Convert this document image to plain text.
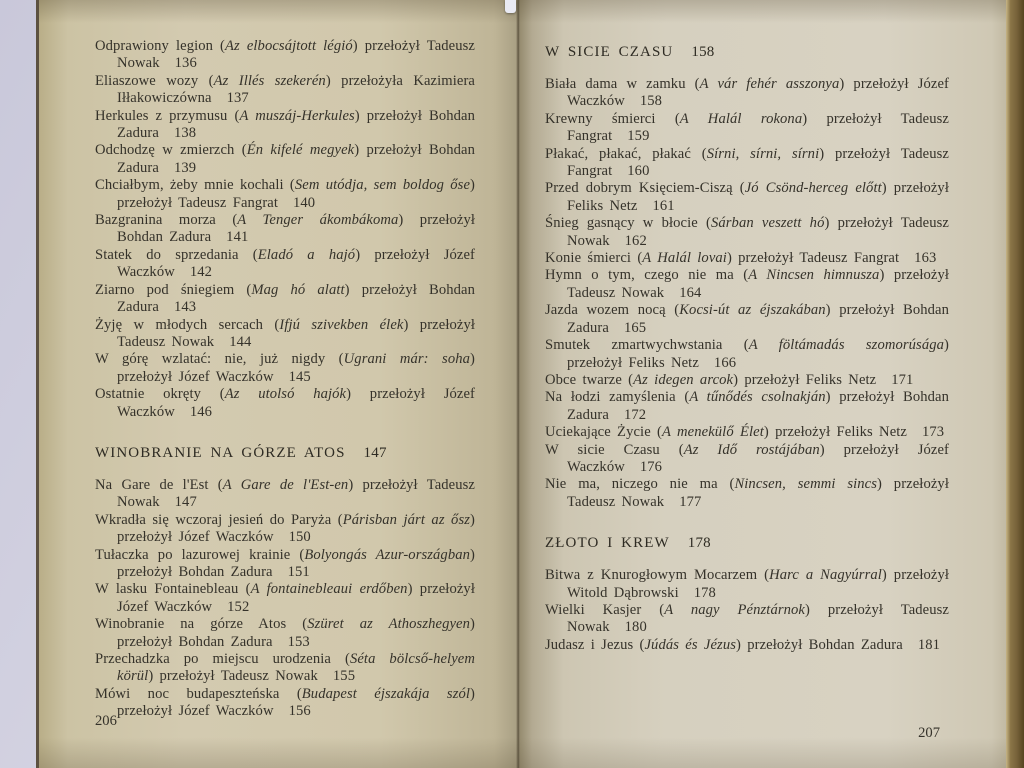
Odprawiony legion (Az elbocsájtott légió) przełożył Tadeusz Nowak 136

Eliaszowe wozy (Az Illés szekerén) przełożyła Kazimiera Iłłakowiczówna 137

Herkules z przymusu (A muszáj-Herkules) przełożył Bohdan Zadura 138

Odchodzę w zmierzch (Én kifelé megyek) przełożył Bohdan Zadura 139

Chciałbym, żeby mnie kochali (Sem utódja, sem boldog őse) przełożył Tadeusz Fangrat 140

Bazgranina morza (A Tenger ákombákoma) przełożył Bohdan Zadura 141

Statek do sprzedania (Eladó a hajó) przełożył Józef Waczków 142

Ziarno pod śniegiem (Mag hó alatt) przełożył Bohdan Zadura 143

Żyję w młodych sercach (Ifjú szivekben élek) przełożył Tadeusz Nowak 144

W górę wzlatać: nie, już nigdy (Ugrani már: soha) przełożył Józef Waczków 145

Ostatnie okręty (Az utolsó hajók) przełożył Józef Waczków 146

WINOBRANIE NA GÓRZE ATOS 147

Na Gare de l'Est (A Gare de l'Est-en) przełożył Tadeusz Nowak 147

Wkradła się wczoraj jesień do Paryża (Párisban járt az ősz) przełożył Józef Waczków 150

Tułaczka po lazurowej krainie (Bolyongás Azur-országban) przełożył Bohdan Zadura 151

W lasku Fontainebleau (A fontainebleaui erdőben) przełożył Józef Waczków 152

Winobranie na górze Atos (Szüret az Athoszhegyen) przełożył Bohdan Zadura 153

Przechadzka po miejscu urodzenia (Séta bölcső-helyem körül) przełożył Tadeusz Nowak 155

Mówi noc budapeszteńska (Budapest éjszakája szól) przełożył Józef Waczków 156

206
W SICIE CZASU 158

Biała dama w zamku (A vár fehér asszonya) przełożył Józef Waczków 158

Krewny śmierci (A Halál rokona) przełożył Tadeusz Fangrat 159

Płakać, płakać, płakać (Sírni, sírni, sírni) przełożył Tadeusz Fangrat 160

Przed dobrym Księciem-Ciszą (Jó Csönd-herceg előtt) przełożył Feliks Netz 161

Śnieg gasnący w błocie (Sárban veszett hó) przełożył Tadeusz Nowak 162

Konie śmierci (A Halál lovai) przełożył Tadeusz Fangrat 163

Hymn o tym, czego nie ma (A Nincsen himnusza) przełożył Tadeusz Nowak 164

Jazda wozem nocą (Kocsi-út az éjszakában) przełożył Bohdan Zadura 165

Smutek zmartwychwstania (A föltámadás szomorúsága) przełożył Feliks Netz 166

Obce twarze (Az idegen arcok) przełożył Feliks Netz 171

Na łodzi zamyślenia (A tűnődés csolnakján) przełożył Bohdan Zadura 172

Uciekające Życie (A menekülő Élet) przełożył Feliks Netz 173

W sicie Czasu (Az Idő rostájában) przełożył Józef Waczków 176

Nie ma, niczego nie ma (Nincsen, semmi sincs) przełożył Tadeusz Nowak 177

ZŁOTO I KREW 178

Bitwa z Knurogłowym Mocarzem (Harc a Nagyúrral) przełożył Witold Dąbrowski 178

Wielki Kasjer (A nagy Pénztárnok) przełożył Tadeusz Nowak 180

Judasz i Jezus (Júdás és Jézus) przełożył Bohdan Zadura 181

207
